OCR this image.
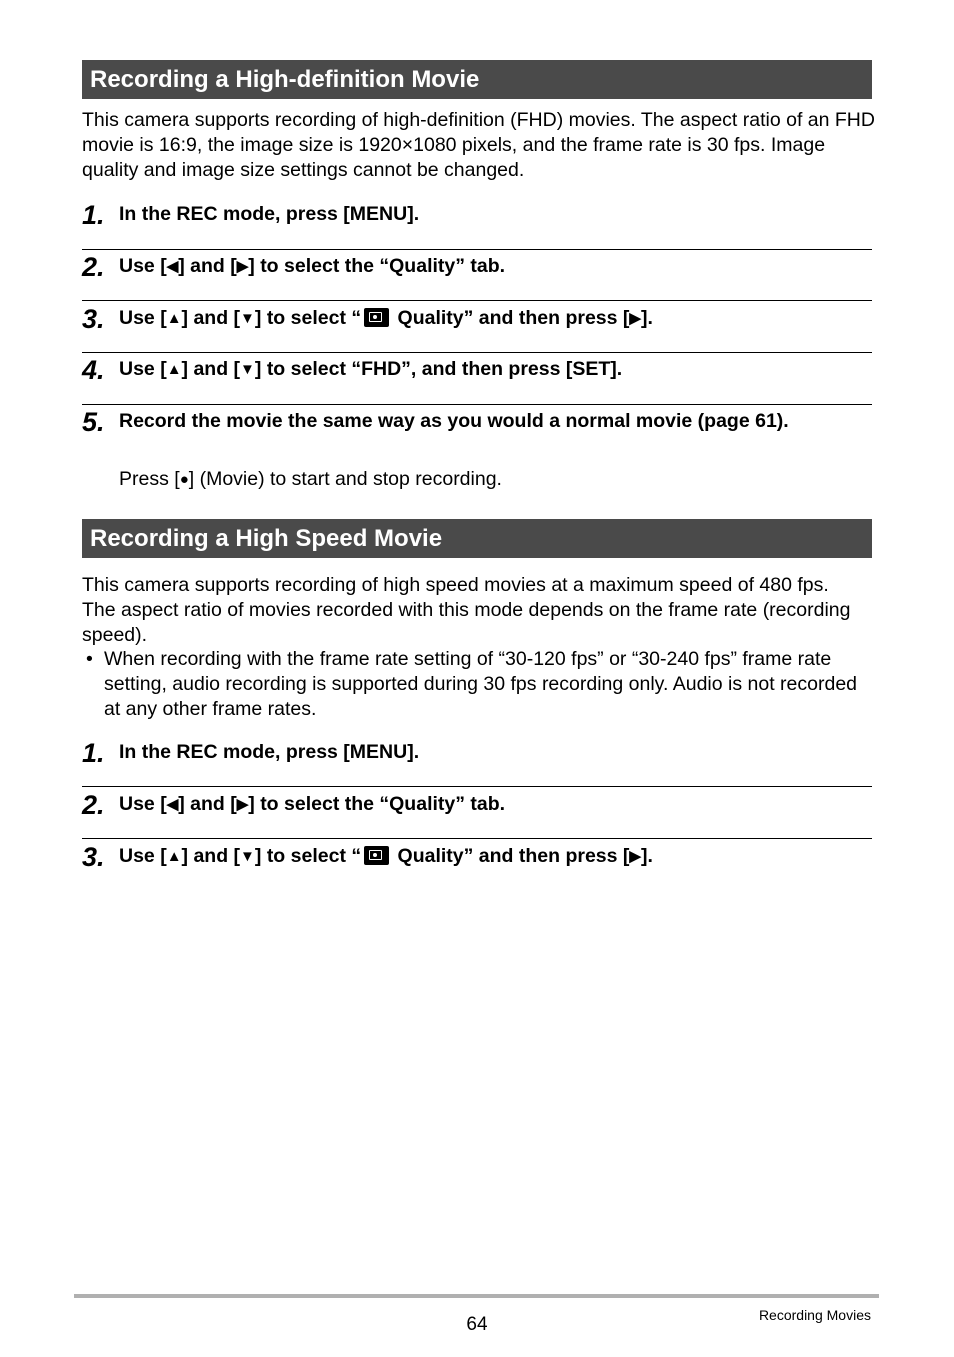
Recording a High-definition Movie
This camera supports recording of high-definition (FHD) movies. The aspect ratio of an FHD movie is 16:9, the image size is 1920×1080 pixels, and the frame rate is 30 fps. Image quality and image size settings cannot be changed.
1. In the REC mode, press [MENU].
2. Use [◀] and [▶] to select the “Quality” tab.
3. Use [▲] and [▼] to select “ Quality” and then press [▶].
4. Use [▲] and [▼] to select “FHD”, and then press [SET].
5. Record the movie the same way as you would a normal movie (page 61).
Press [●] (Movie) to start and stop recording.
Recording a High Speed Movie
This camera supports recording of high speed movies at a maximum speed of 480 fps. The aspect ratio of movies recorded with this mode depends on the frame rate (recording speed).
• When recording with the frame rate setting of “30-120 fps” or “30-240 fps” frame rate setting, audio recording is supported during 30 fps recording only. Audio is not recorded at any other frame rates.
1. In the REC mode, press [MENU].
2. Use [◀] and [▶] to select the “Quality” tab.
3. Use [▲] and [▼] to select “ Quality” and then press [▶].
64	Recording Movies
